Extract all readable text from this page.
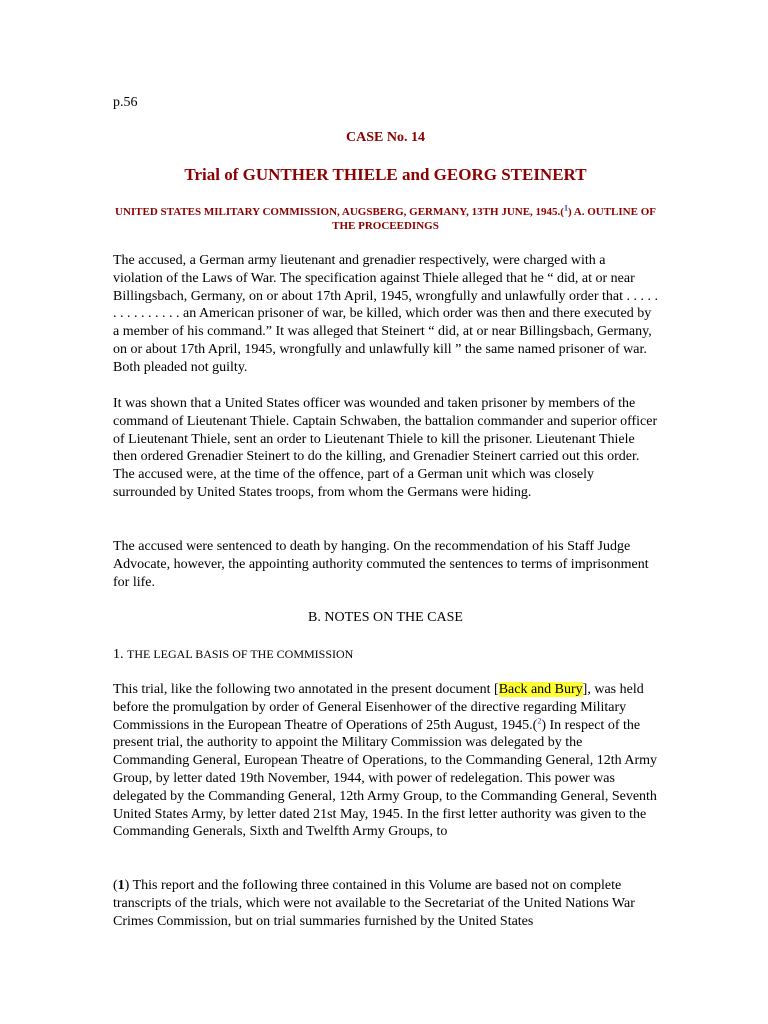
p.56
CASE No. 14
Trial of GUNTHER THIELE and GEORG STEINERT
UNITED STATES MILITARY COMMISSION, AUGSBERG, GERMANY, 13TH JUNE, 1945.($^1$) A. OUTLINE OF THE PROCEEDINGS
The accused, a German army lieutenant and grenadier respectively, were charged with a violation of the Laws of War. The specification against Thiele alleged that he “ did, at or near Billingsbach, Germany, on or about 17th April, 1945, wrongfully and unlawfully order that . . . . . . . . . . . . . . . an American prisoner of war, be killed, which order was then and there executed by a member of his command.” It was alleged that Steinert “ did, at or near Billingsbach, Germany, on or about 17th April, 1945, wrongfully and unlawfully kill ” the same named prisoner of war. Both pleaded not guilty.
It was shown that a United States officer was wounded and taken prisoner by members of the command of Lieutenant Thiele. Captain Schwaben, the battalion commander and superior officer of Lieutenant Thiele, sent an order to Lieutenant Thiele to kill the prisoner. Lieutenant Thiele then ordered Grenadier Steinert to do the killing, and Grenadier Steinert carried out this order. The accused were, at the time of the offence, part of a German unit which was closely surrounded by United States troops, from whom the Germans were hiding.
The accused were sentenced to death by hanging. On the recommendation of his Staff Judge Advocate, however, the appointing authority commuted the sentences to terms of imprisonment for life.
B. NOTES ON THE CASE
1. THE LEGAL BASIS OF THE COMMISSION
This trial, like the following two annotated in the present document [Back and Bury], was held before the promulgation by order of General Eisenhower of the directive regarding Military Commissions in the European Theatre of Operations of 25th August, 1945.($^2$) In respect of the present trial, the authority to appoint the Military Commission was delegated by the Commanding General, European Theatre of Operations, to the Commanding General, 12th Army Group, by letter dated 19th November, 1944, with power of redelegation. This power was delegated by the Commanding General, 12th Army Group, to the Commanding General, Seventh United States Army, by letter dated 21st May, 1945. In the first letter authority was given to the Commanding Generals, Sixth and Twelfth Army Groups, to
(1) This report and the foIlowing three contained in this Volume are based not on complete transcripts of the trials, which were not available to the Secretariat of the United Nations War Crimes Commission, but on trial summaries furnished by the United States
